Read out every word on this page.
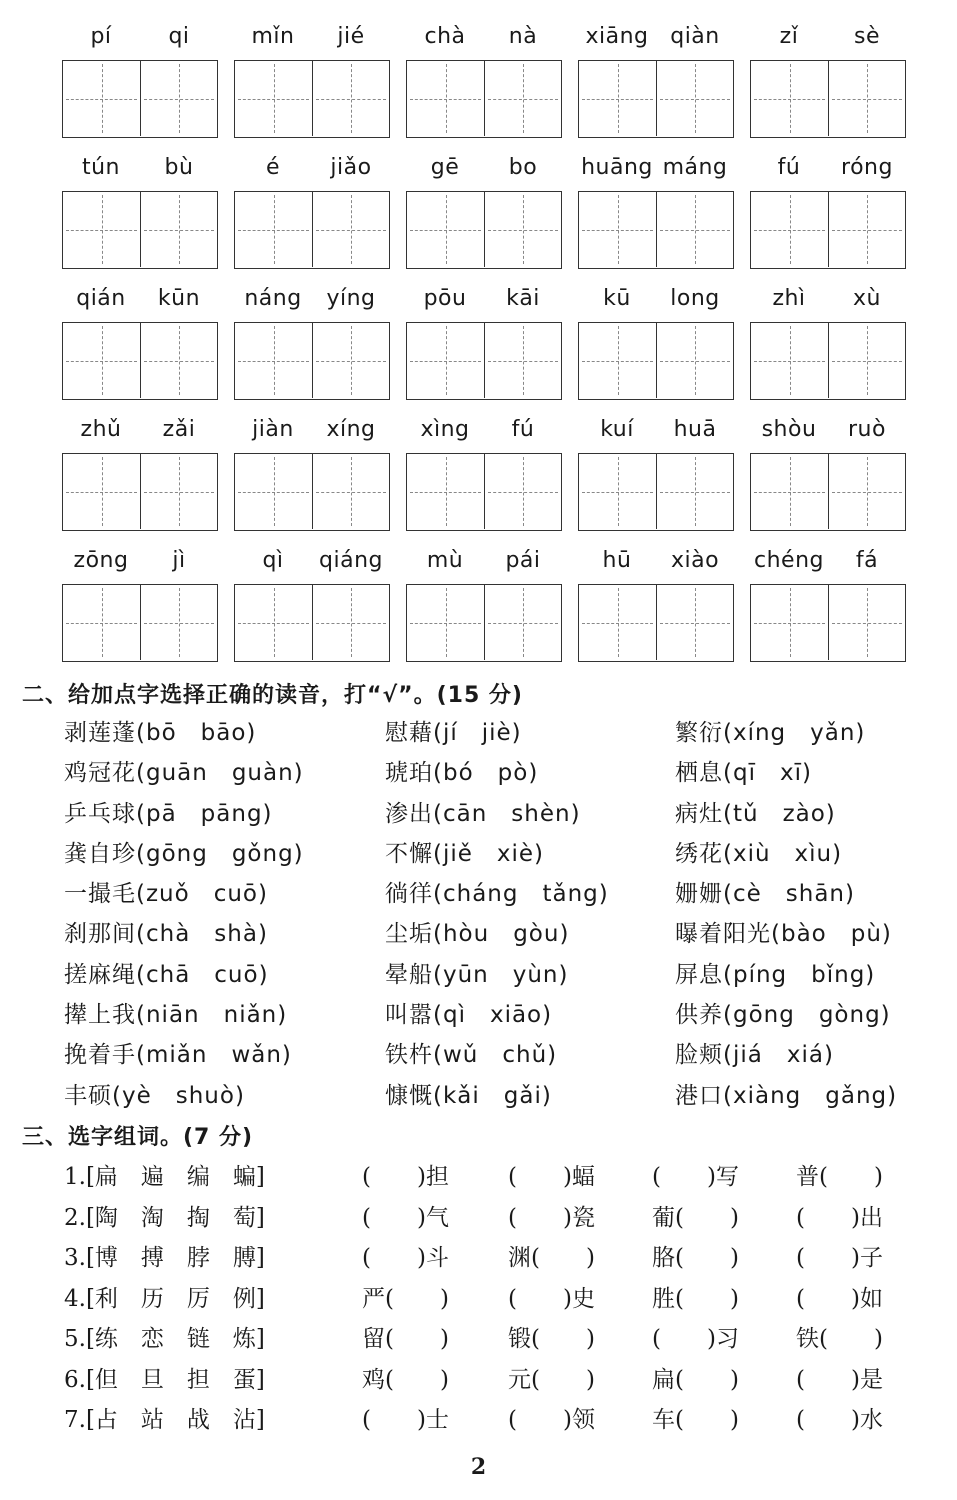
pí	qi	mǐn	jié	chà	nà	xiāng qiàn	zǐ	sè
tún	bù	é	jiǎo	gē	bo	huāng máng	fú	róng
qián	kūn	náng	yíng	pōu	kāi	kū	long	zhì	xù
zhǔ	zǎi	jiàn	xíng	xìng	fú	kuí	huā	shòu	ruò
zōng	jì	qì	qiáng	mù	pái	hū	xiào	chéng	fá
二、给加点字选择正确的读音，打“√”。(15 分)
剥莲蓬(bō　bāo)	慰藉(jí　jiè)	繁衍(xíng　yǎn)
鸡冠花(guān　guàn)	琥珀(bó　pò)	栖息(qī　xī)
乒乓球(pā　pāng)	渗出(cān　shèn)	病灶(tǔ　zào)
龚自珍(gōng　gǒng)	不懈(jiě　xiè)	绣花(xiù　xìu)
一撮毛(zuǒ　cuō)	徜徉(cháng　tǎng)	姗姗(cè　shān)
刹那间(chà　shà)	尘垢(hòu　gòu)	曝着阳光(bào　pù)
搓麻绳(chā　cuō)	晕船(yūn　yùn)	屏息(píng　bǐng)
撵上我(niān　niǎn)	叫嚣(qì　xiāo)	供养(gōng　gòng)
挽着手(miǎn　wǎn)	铁杵(wǔ　chǔ)	脸颊(jiá　xiá)
丰硕(yè　shuò)	慷慨(kǎi　gǎi)	港口(xiàng　gǎng)
三、选字组词。(7 分)
1.[扁　遍　编　蝙]	(　　)担	(　　)蝠 (　　)写 普(　　)
2.[陶　淘　掏　萄]	(　　)气	(　　)瓷 葡(　　) (　　)出
3.[博　搏　脖　膊]	(　　)斗	渊(　　) 胳(　　) (　　)子
4.[利　历　厉　例]	严(　　)	(　　)史 胜(　　) (　　)如
5.[练　恋　链　炼]	留(　　)	锻(　　) (　　)习 铁(　　)
6.[但　旦　担　蛋]	鸡(　　)	元(　　) 扁(　　) (　　)是
7.[占　站　战　沾]	(　　)士	(　　)领 车(　　) (　　)水
2
